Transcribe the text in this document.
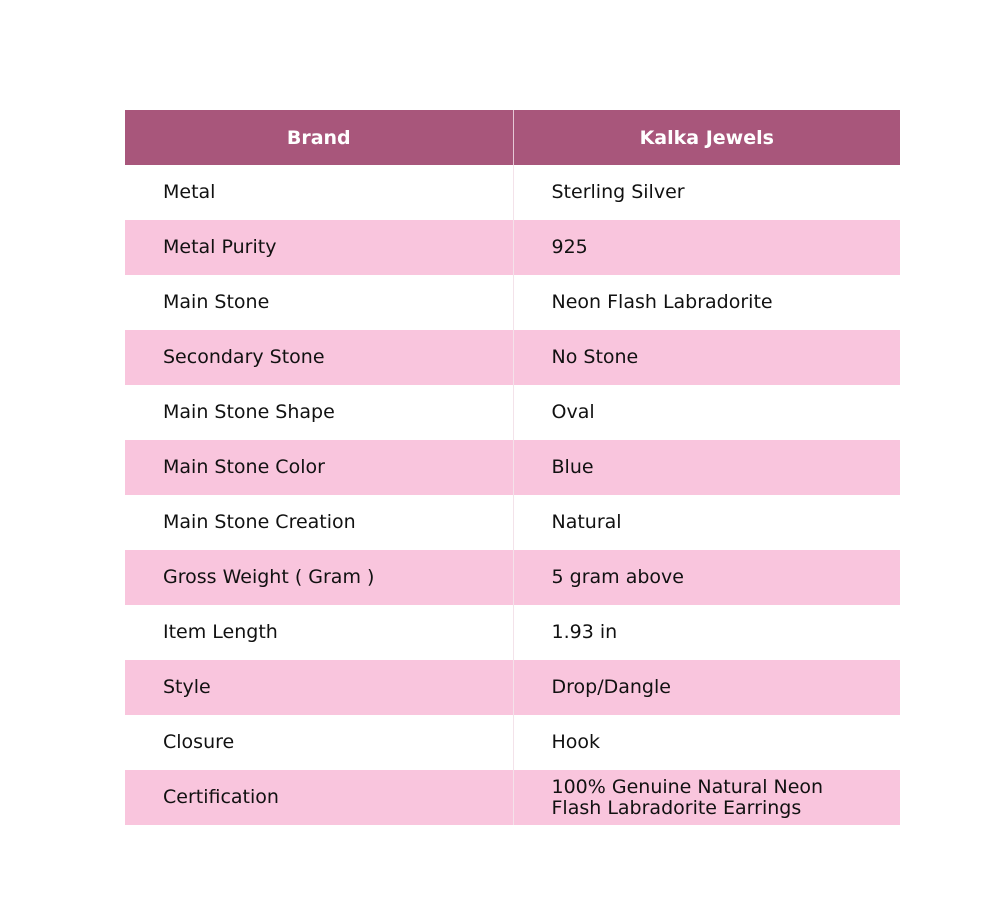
Brand	Kalka Jewels
Metal	Sterling Silver
Metal Purity	925
Main Stone	Neon Flash Labradorite
Secondary Stone	No Stone
Main Stone Shape	Oval
Main Stone Color	Blue
Main Stone Creation	Natural
Gross Weight ( Gram )	5 gram above
Item Length	1.93 in
Style	Drop/Dangle
Closure	Hook
Certification	100% Genuine Natural Neon Flash Labradorite Earrings
